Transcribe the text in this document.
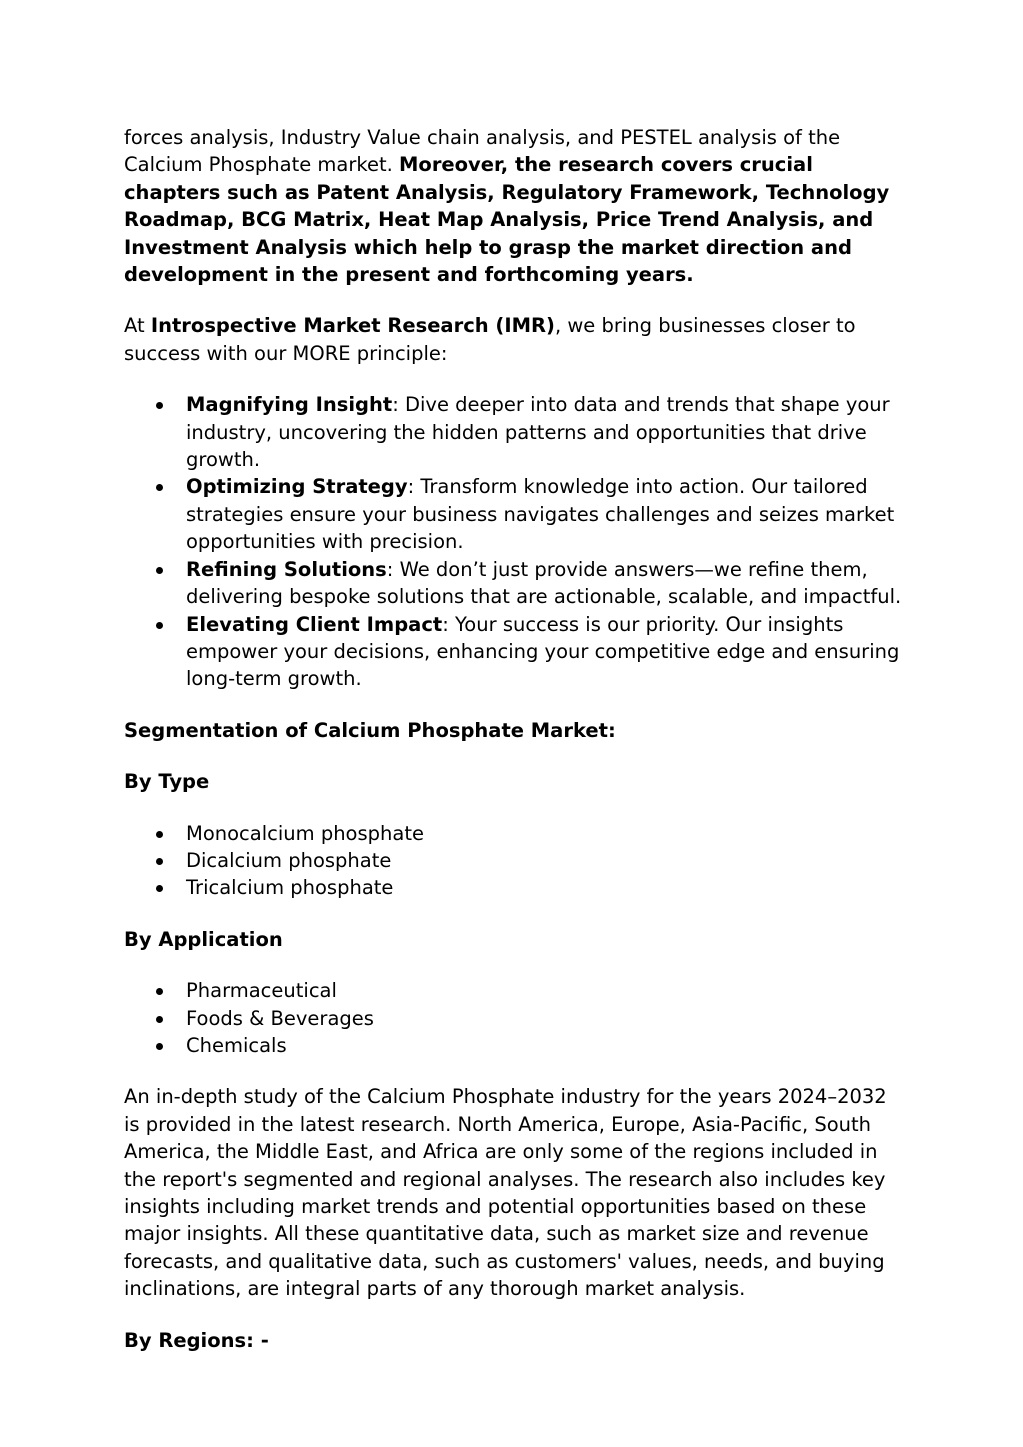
forces analysis, Industry Value chain analysis, and PESTEL analysis of the Calcium Phosphate market. Moreover, the research covers crucial chapters such as Patent Analysis, Regulatory Framework, Technology Roadmap, BCG Matrix, Heat Map Analysis, Price Trend Analysis, and Investment Analysis which help to grasp the market direction and development in the present and forthcoming years.

At Introspective Market Research (IMR), we bring businesses closer to success with our MORE principle:

Magnifying Insight: Dive deeper into data and trends that shape your industry, uncovering the hidden patterns and opportunities that drive growth.
Optimizing Strategy: Transform knowledge into action. Our tailored strategies ensure your business navigates challenges and seizes market opportunities with precision.
Refining Solutions: We don’t just provide answers—we refine them, delivering bespoke solutions that are actionable, scalable, and impactful.
Elevating Client Impact: Your success is our priority. Our insights empower your decisions, enhancing your competitive edge and ensuring long-term growth.

Segmentation of Calcium Phosphate Market:

By Type

Monocalcium phosphate
Dicalcium phosphate
Tricalcium phosphate

By Application

Pharmaceutical
Foods & Beverages
Chemicals

An in-depth study of the Calcium Phosphate industry for the years 2024–2032 is provided in the latest research. North America, Europe, Asia-Pacific, South America, the Middle East, and Africa are only some of the regions included in the report's segmented and regional analyses. The research also includes key insights including market trends and potential opportunities based on these major insights. All these quantitative data, such as market size and revenue forecasts, and qualitative data, such as customers' values, needs, and buying inclinations, are integral parts of any thorough market analysis.

By Regions: -
